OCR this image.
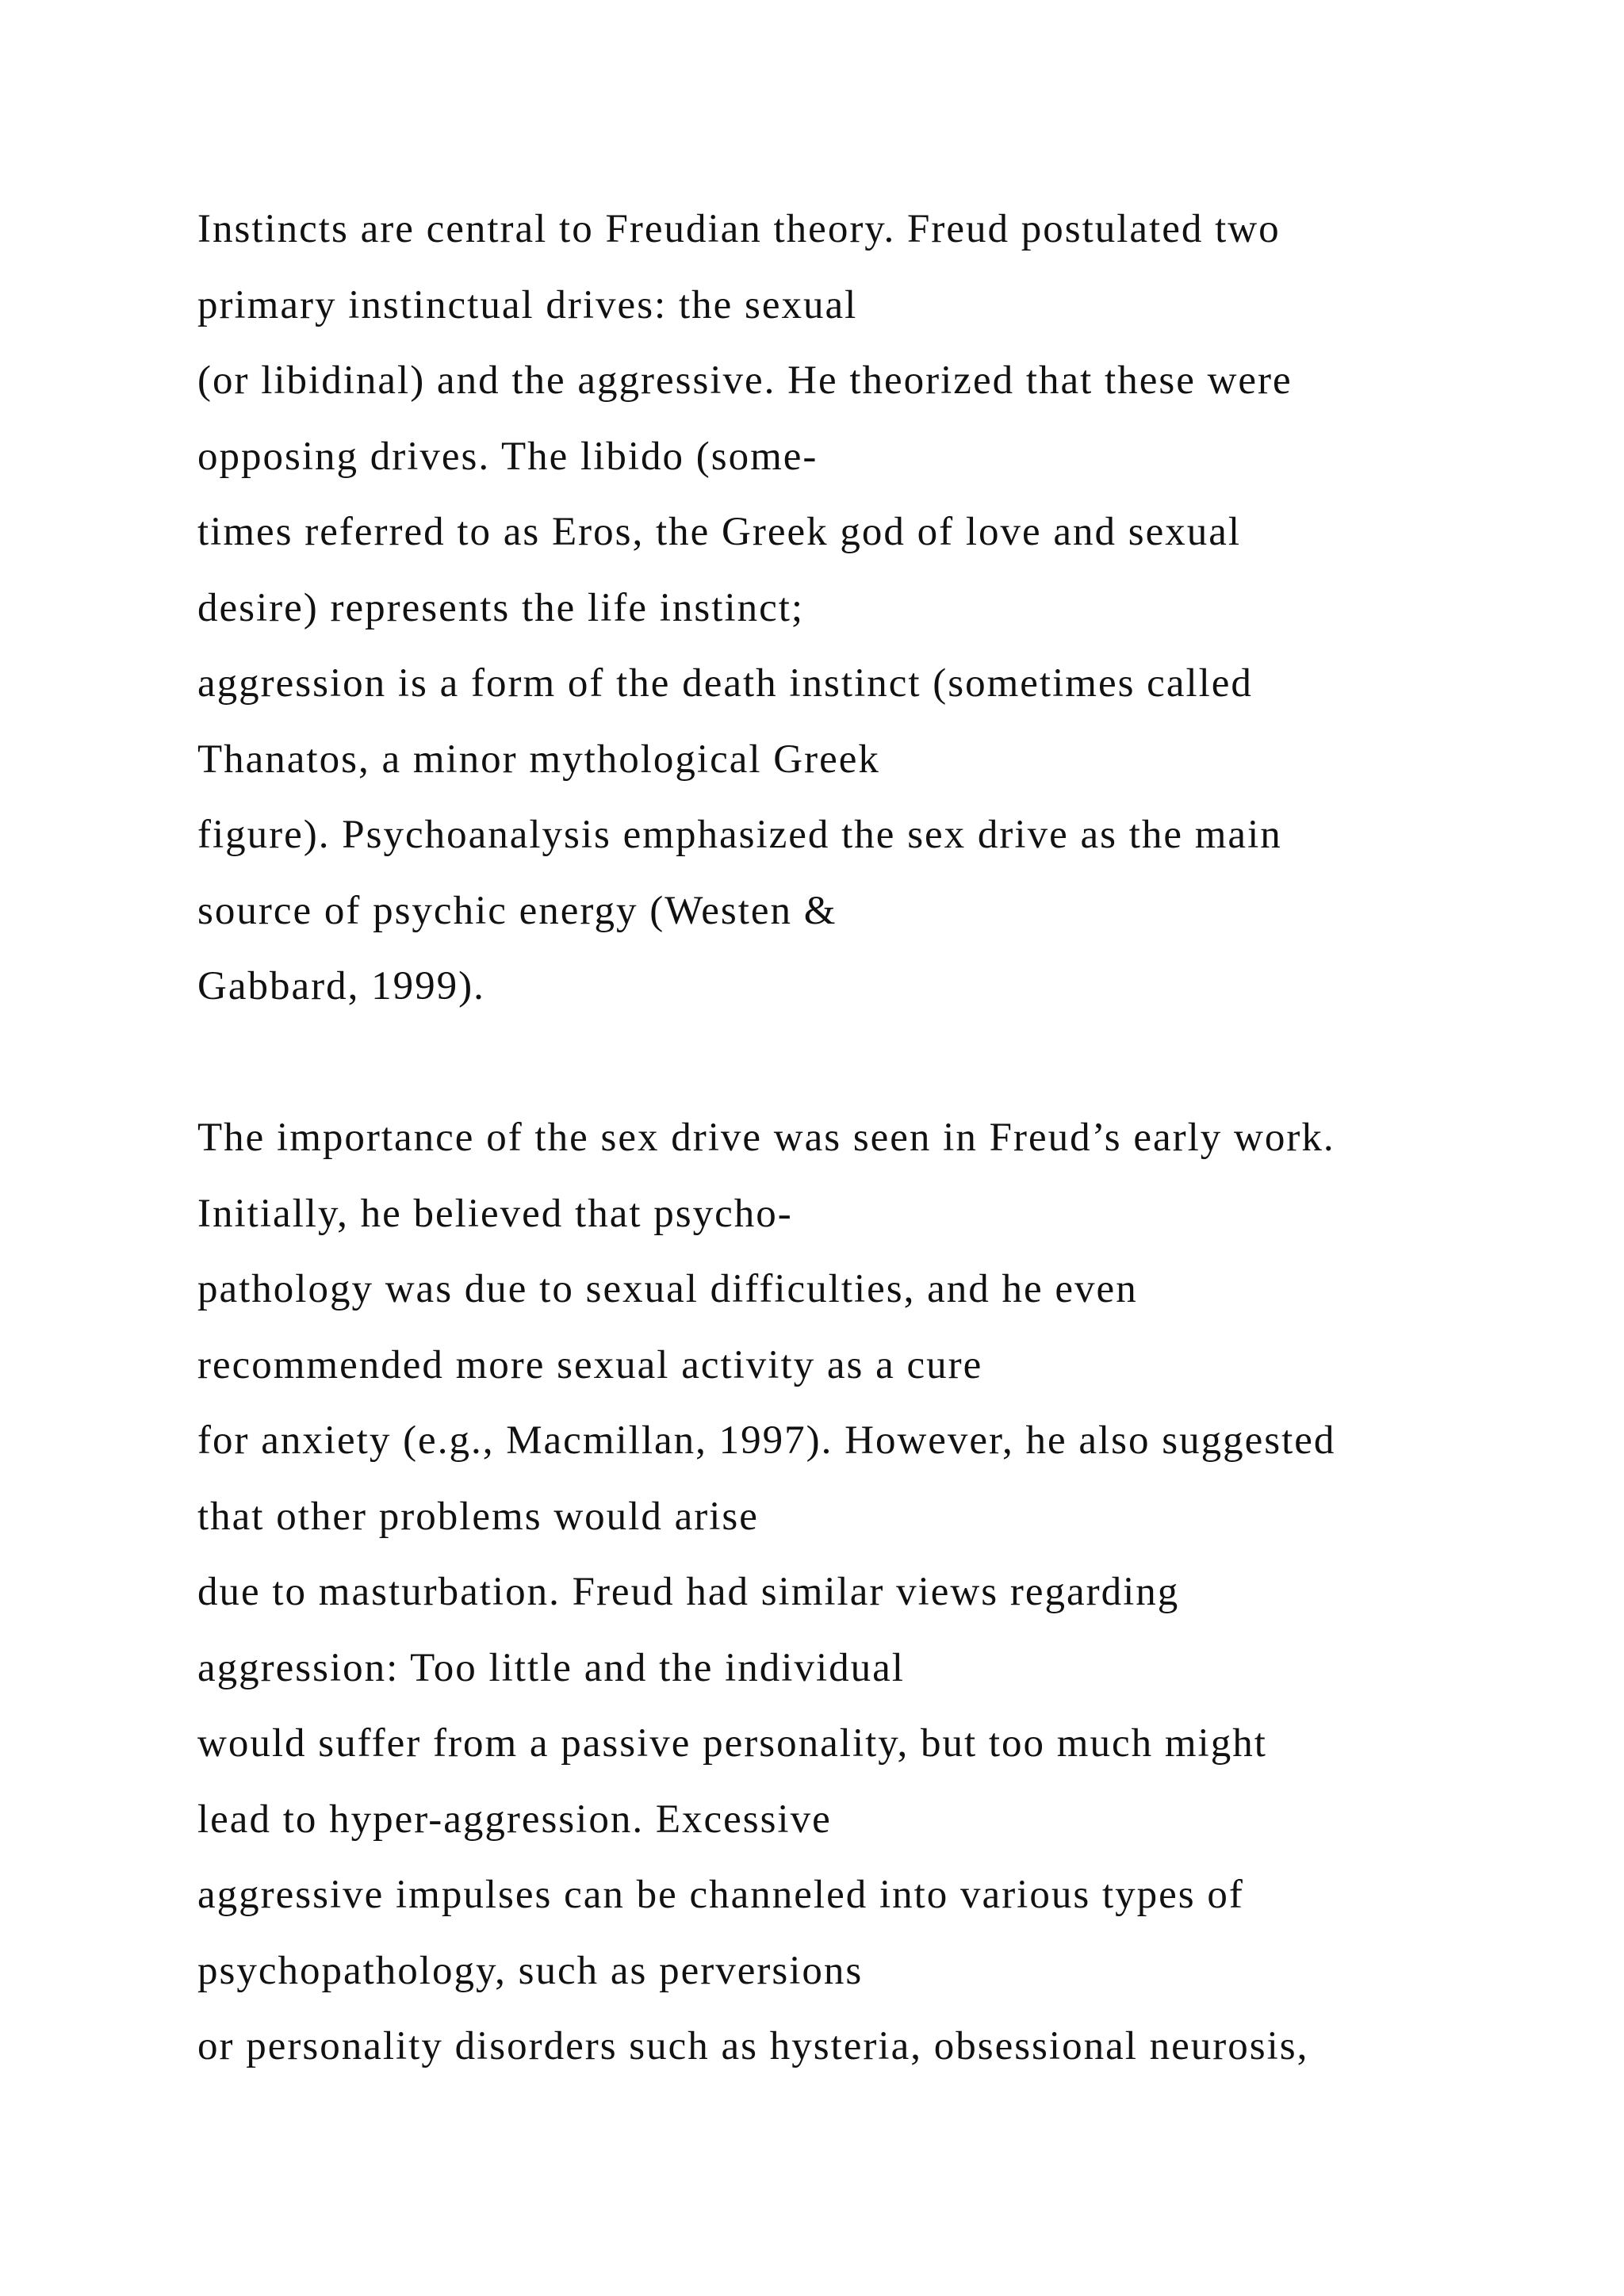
Instincts are central to Freudian theory. Freud postulated two
primary instinctual drives: the sexual
(or libidinal) and the aggressive. He theorized that these were
opposing drives. The libido (some-
times referred to as Eros, the Greek god of love and sexual
desire) represents the life instinct;
aggression is a form of the death instinct (sometimes called
Thanatos, a minor mythological Greek
figure). Psychoanalysis emphasized the sex drive as the main
source of psychic energy (Westen &
Gabbard, 1999).
The importance of the sex drive was seen in Freud’s early work.
Initially, he believed that psycho-
pathology was due to sexual difficulties, and he even
recommended more sexual activity as a cure
for anxiety (e.g., Macmillan, 1997). However, he also suggested
that other problems would arise
due to masturbation. Freud had similar views regarding
aggression: Too little and the individual
would suffer from a passive personality, but too much might
lead to hyper-aggression. Excessive
aggressive impulses can be channeled into various types of
psychopathology, such as perversions
or personality disorders such as hysteria, obsessional neurosis,
